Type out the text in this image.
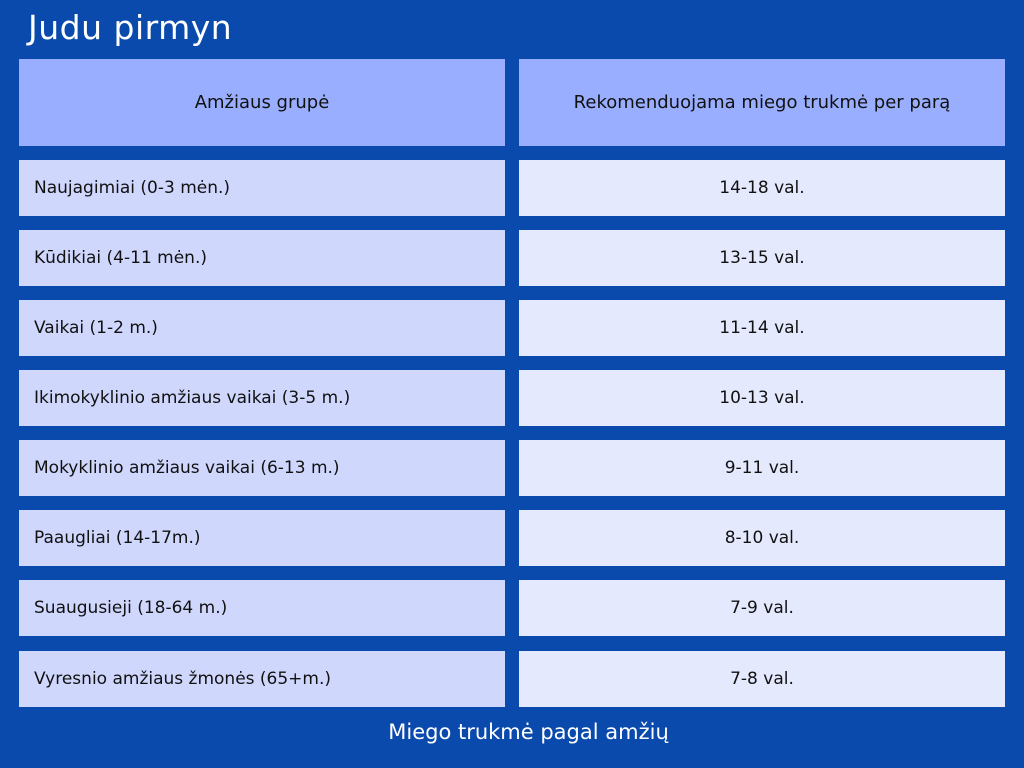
Judu pirmyn
Amžiaus grupė	Rekomenduojama miego trukmė per parą
Naujagimiai (0-3 mėn.)	14-18 val.
Kūdikiai (4-11 mėn.)	13-15 val.
Vaikai (1-2 m.)	11-14 val.
Ikimokyklinio amžiaus vaikai (3-5 m.)	10-13 val.
Mokyklinio amžiaus vaikai (6-13 m.)	9-11 val.
Paaugliai (14-17m.)	8-10 val.
Suaugusieji (18-64 m.)	7-9 val.
Vyresnio amžiaus žmonės (65+m.)	7-8 val.
Miego trukmė pagal amžių
